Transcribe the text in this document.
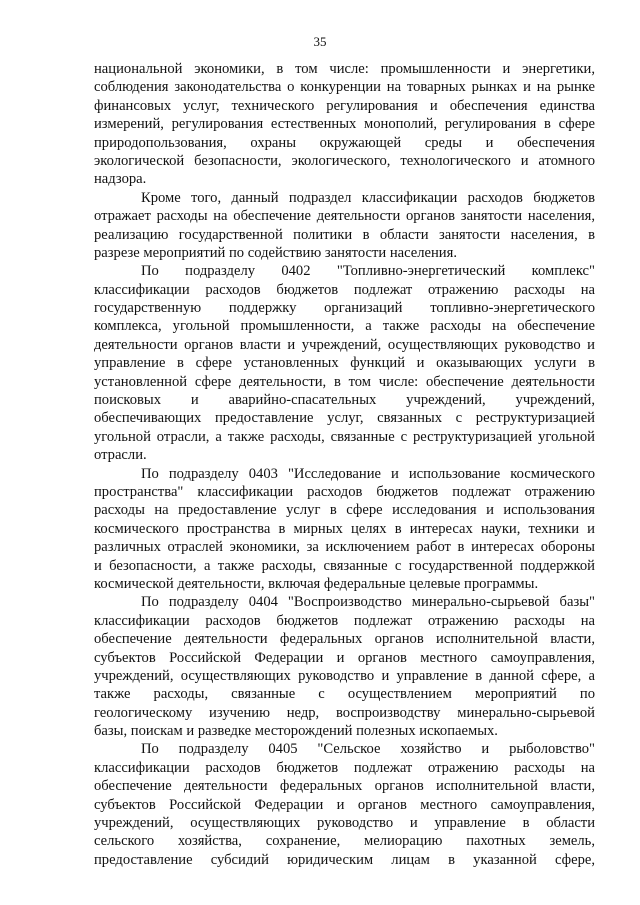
35

национальной экономики, в том числе: промышленности и энергетики,
соблюдения законодательства о конкуренции на товарных рынках и на рынке
финансовых услуг, технического регулирования и обеспечения единства
измерений, регулирования естественных монополий, регулирования в сфере
природопользования, охраны окружающей среды и обеспечения
экологической безопасности, экологического, технологического и атомного
надзора.

Кроме того, данный подраздел классификации расходов бюджетов
отражает расходы на обеспечение деятельности органов занятости населения,
реализацию государственной политики в области занятости населения, в
разрезе мероприятий по содействию занятости населения.

По подразделу 0402 "Топливно-энергетический комплекс"
классификации расходов бюджетов подлежат отражению расходы на
государственную поддержку организаций топливно-энергетического
комплекса, угольной промышленности, а также расходы на обеспечение
деятельности органов власти и учреждений, осуществляющих руководство и
управление в сфере установленных функций и оказывающих услуги в
установленной сфере деятельности, в том числе: обеспечение деятельности
поисковых и аварийно-спасательных учреждений, учреждений,
обеспечивающих предоставление услуг, связанных с реструктуризацией
угольной отрасли, а также расходы, связанные с реструктуризацией угольной
отрасли.

По подразделу 0403 "Исследование и использование космического
пространства" классификации расходов бюджетов подлежат отражению
расходы на предоставление услуг в сфере исследования и использования
космического пространства в мирных целях в интересах науки, техники и
различных отраслей экономики, за исключением работ в интересах обороны
и безопасности, а также расходы, связанные с государственной поддержкой
космической деятельности, включая федеральные целевые программы.

По подразделу 0404 "Воспроизводство минерально-сырьевой базы"
классификации расходов бюджетов подлежат отражению расходы на
обеспечение деятельности федеральных органов исполнительной власти,
субъектов Российской Федерации и органов местного самоуправления,
учреждений, осуществляющих руководство и управление в данной сфере, а
также расходы, связанные с осуществлением мероприятий по
геологическому изучению недр, воспроизводству минерально-сырьевой
базы, поискам и разведке месторождений полезных ископаемых.

По подразделу 0405 "Сельское хозяйство и рыболовство"
классификации расходов бюджетов подлежат отражению расходы на
обеспечение деятельности федеральных органов исполнительной власти,
субъектов Российской Федерации и органов местного самоуправления,
учреждений, осуществляющих руководство и управление в области
сельского хозяйства, сохранение, мелиорацию пахотных земель,
предоставление субсидий юридическим лицам в указанной сфере,
